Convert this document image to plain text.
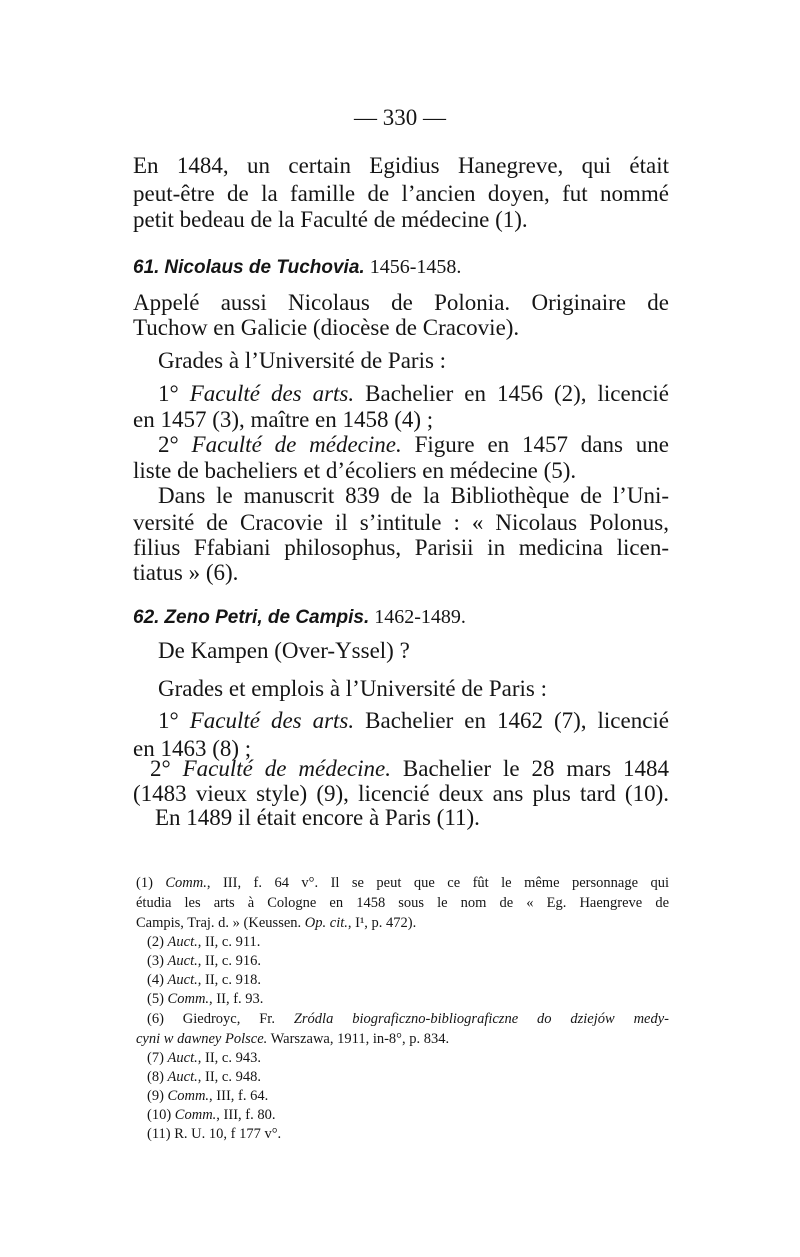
— 330 —
En 1484, un certain Egidius Hanegreve, qui était
peut-être de la famille de l’ancien doyen, fut nommé
petit bedeau de la Faculté de médecine (1).
61. Nicolaus de Tuchovia. 1456-1458.
Appelé aussi Nicolaus de Polonia. Originaire de
Tuchow en Galicie (diocèse de Cracovie).
Grades à l’Université de Paris :
1° Faculté des arts. Bachelier en 1456 (2), licencié
en 1457 (3), maître en 1458 (4) ;
2° Faculté de médecine. Figure en 1457 dans une
liste de bacheliers et d’écoliers en médecine (5).
Dans le manuscrit 839 de la Bibliothèque de l’Uni-
versité de Cracovie il s’intitule : « Nicolaus Polonus,
filius Ffabiani philosophus, Parisii in medicina licen-
tiatus » (6).
62. Zeno Petri, de Campis. 1462-1489.
De Kampen (Over-Yssel) ?
Grades et emplois à l’Université de Paris :
1° Faculté des arts. Bachelier en 1462 (7), licencié
en 1463 (8) ;
2° Faculté de médecine. Bachelier le 28 mars 1484
(1483 vieux style) (9), licencié deux ans plus tard (10).
En 1489 il était encore à Paris (11).
(1) Comm., III, f. 64 v°. Il se peut que ce fût le même personnage qui
étudia les arts à Cologne en 1458 sous le nom de « Eg. Haengreve de
Campis, Traj. d. » (Keussen. Op. cit., I¹, p. 472).
(2) Auct., II, c. 911.
(3) Auct., II, c. 916.
(4) Auct., II, c. 918.
(5) Comm., II, f. 93.
(6) Giedroyc, Fr. Zródla biograficzno-bibliograficzne do dziejów medy-
cyni w dawney Polsce. Warszawa, 1911, in-8°, p. 834.
(7) Auct., II, c. 943.
(8) Auct., II, c. 948.
(9) Comm., III, f. 64.
(10) Comm., III, f. 80.
(11) R. U. 10, f 177 v°.
